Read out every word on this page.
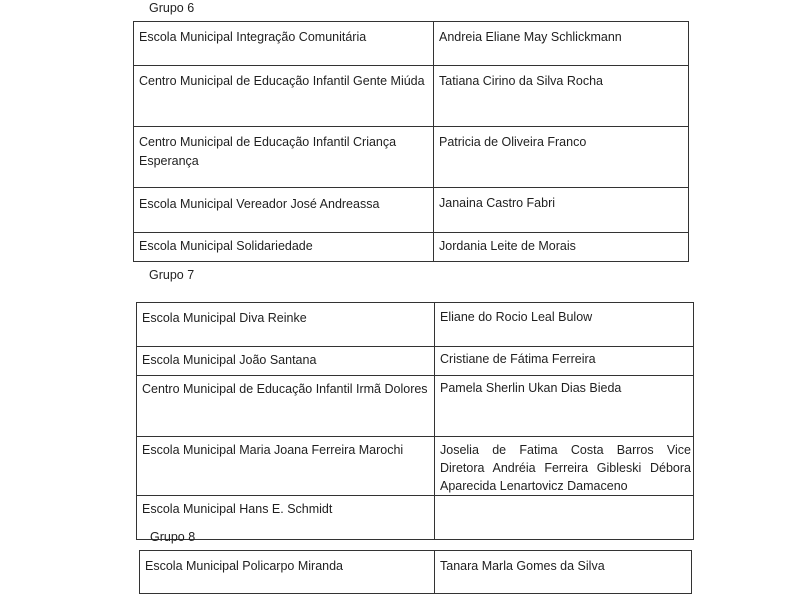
Grupo 6
Escola Municipal Integração Comunitária	Andreia Eliane May Schlickmann
Centro Municipal de Educação Infantil Gente Miúda	Tatiana Cirino da Silva Rocha
Centro Municipal de Educação Infantil Criança Esperança	Patricia de Oliveira Franco
Escola Municipal Vereador José Andreassa	Janaina Castro Fabri
Escola Municipal Solidariedade	Jordania Leite de Morais
Grupo 7
Escola Municipal Diva Reinke	Eliane do Rocio Leal Bulow
Escola Municipal João Santana	Cristiane de Fátima Ferreira
Centro Municipal de Educação Infantil Irmã Dolores	Pamela Sherlin Ukan Dias Bieda
Escola Municipal Maria Joana Ferreira Marochi	Joselia de Fatima Costa Barros Vice
Diretora Andréia Ferreira Gibleski Débora
Aparecida Lenartovicz Damaceno

Escola Municipal Hans E. Schmidt	
Grupo 8
Escola Municipal Policarpo Miranda	Tanara Marla Gomes da Silva
